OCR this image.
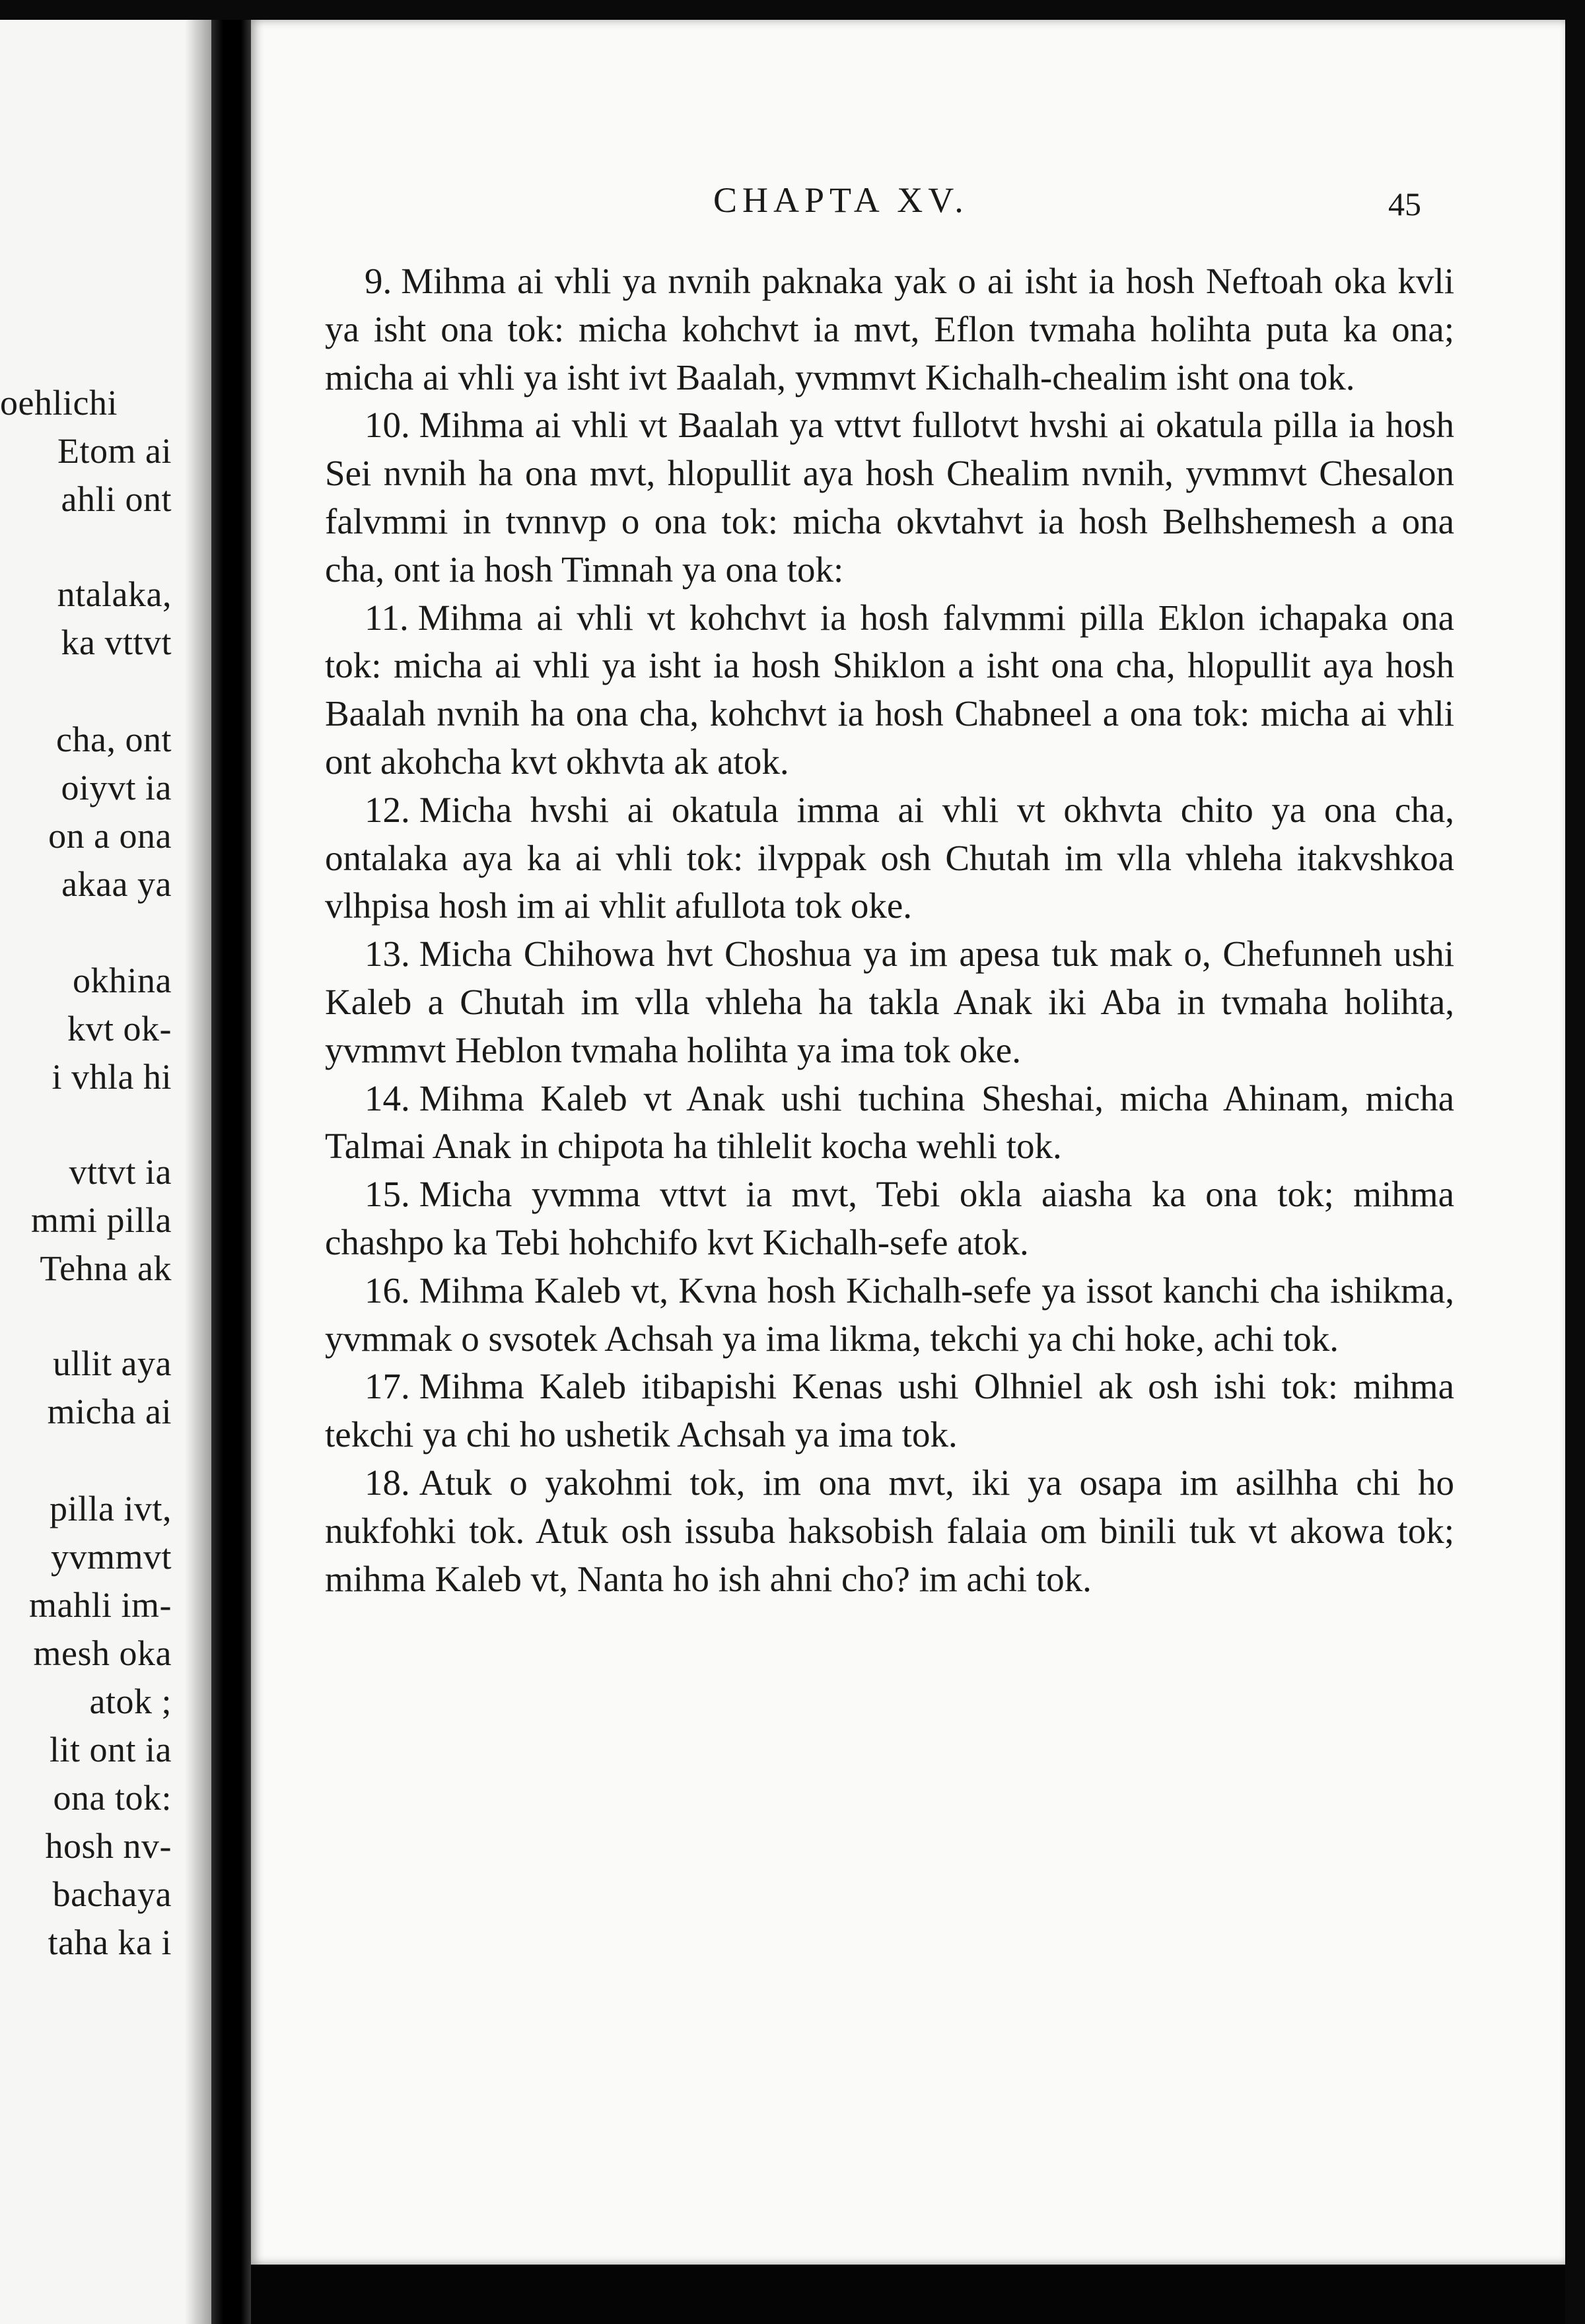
oehlichi
Etom ai
ahli ont
ntalaka,
ka vttvt
cha, ont
oiyvt ia
on a ona
akaa ya
okhina
kvt ok-
i vhla hi
vttvt ia
mmi pilla
Tehna ak
ullit aya
micha ai
pilla ivt,
yvmmvt
mahli im-
mesh oka
atok ;
lit ont ia
ona tok:
hosh nv-
bachaya
taha ka i
CHAPTA XV.	45

9. Mihma ai vhli ya nvnih paknaka yak o ai isht ia hosh Neftoah oka kvli ya isht ona tok: micha kohchvt ia mvt, Eflon tvmaha holihta puta ka ona; micha ai vhli ya isht ivt Baalah, yvmmvt Kichalh-chealim isht ona tok.

10. Mihma ai vhli vt Baalah ya vttvt fullotvt hvshi ai okatula pilla ia hosh Sei nvnih ha ona mvt, hlopullit aya hosh Chealim nvnih, yvmmvt Chesalon falvmmi in tvnnvp o ona tok: micha okvtahvt ia hosh Belhshemesh a ona cha, ont ia hosh Timnah ya ona tok:

11. Mihma ai vhli vt kohchvt ia hosh falvmmi pilla Eklon ichapaka ona tok: micha ai vhli ya isht ia hosh Shiklon a isht ona cha, hlopullit aya hosh Baalah nvnih ha ona cha, kohchvt ia hosh Chabneel a ona tok: micha ai vhli ont akohcha kvt okhvta ak atok.

12. Micha hvshi ai okatula imma ai vhli vt okhvta chito ya ona cha, ontalaka aya ka ai vhli tok: ilvppak osh Chutah im vlla vhleha itakvshkoa vlhpisa hosh im ai vhlit afullota tok oke.

13. Micha Chihowa hvt Choshua ya im apesa tuk mak o, Chefunneh ushi Kaleb a Chutah im vlla vhleha ha takla Anak iki Aba in tvmaha holihta, yvmmvt Heblon tvmaha holihta ya ima tok oke.

14. Mihma Kaleb vt Anak ushi tuchina Sheshai, micha Ahinam, micha Talmai Anak in chipota ha tihlelit kocha wehli tok.

15. Micha yvmma vttvt ia mvt, Tebi okla aiasha ka ona tok; mihma chashpo ka Tebi hohchifo kvt Kichalh-sefe atok.

16. Mihma Kaleb vt, Kvna hosh Kichalh-sefe ya issot kanchi cha ishikma, yvmmak o svsotek Achsah ya ima likma, tekchi ya chi hoke, achi tok.

17. Mihma Kaleb itibapishi Kenas ushi Olhniel ak osh ishi tok: mihma tekchi ya chi ho ushetik Achsah ya ima tok.

18. Atuk o yakohmi tok, im ona mvt, iki ya osapa im asilhha chi ho nukfohki tok. Atuk osh issuba haksobish falaia om binili tuk vt akowa tok; mihma Kaleb vt, Nanta ho ish ahni cho? im achi tok.
